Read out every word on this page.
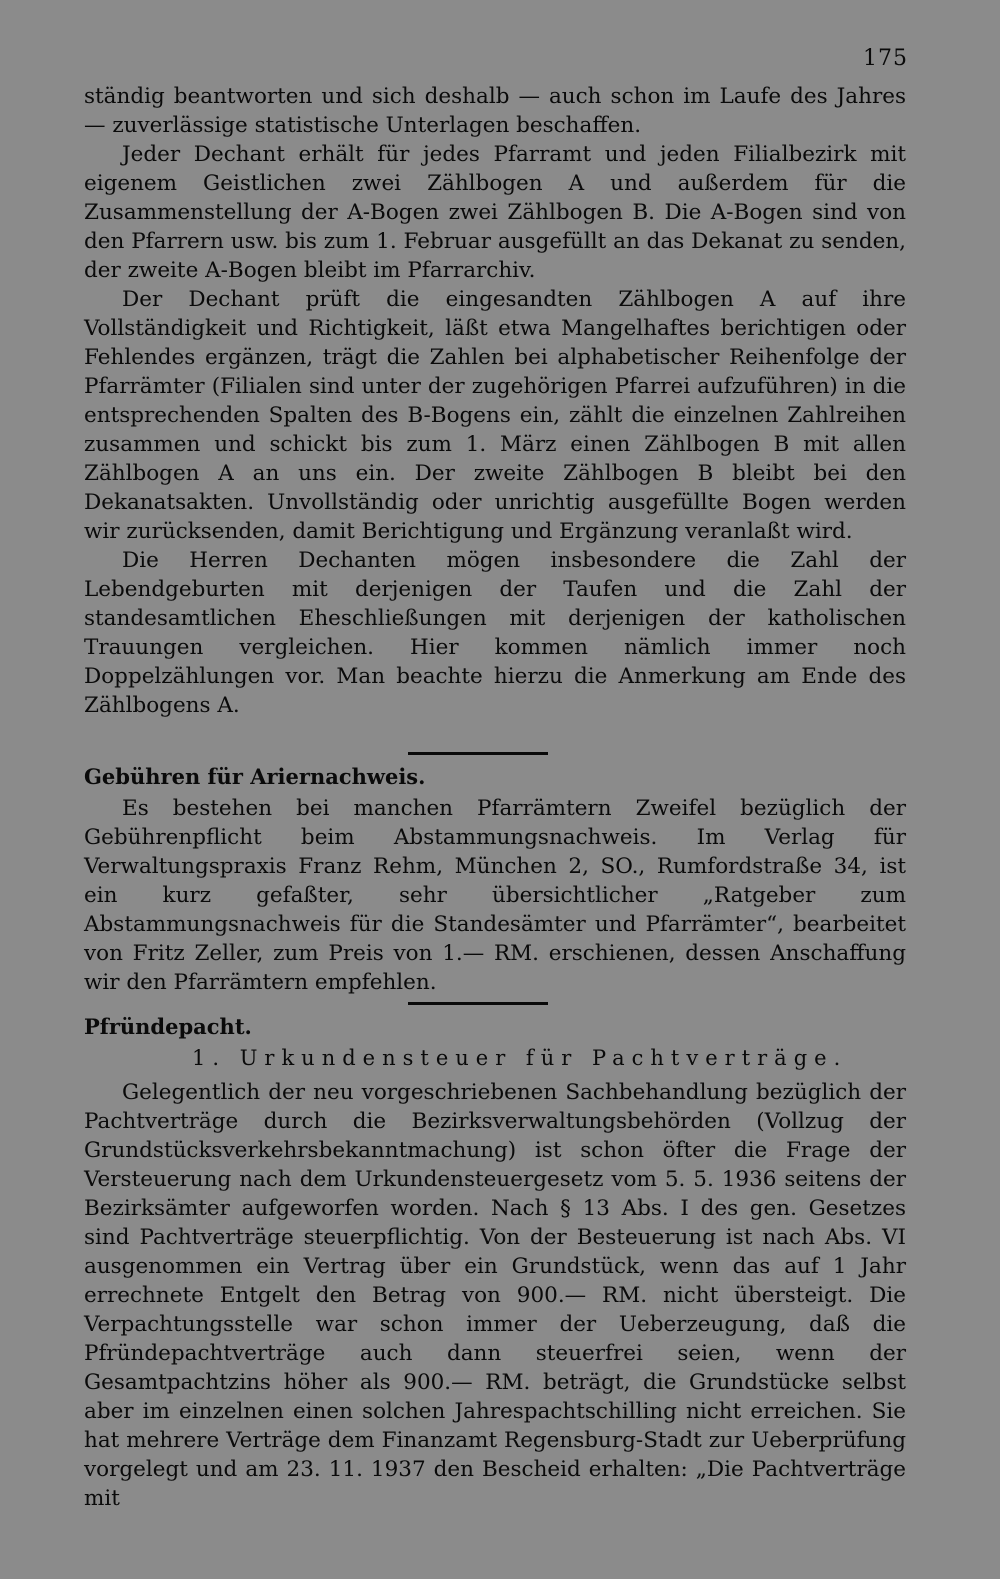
175

ständig beantworten und sich deshalb — auch schon im Laufe des Jahres — zuverlässige statistische Unterlagen beschaffen.

Jeder Dechant erhält für jedes Pfarramt und jeden Filialbezirk mit eigenem Geistlichen zwei Zählbogen A und außerdem für die Zusammenstellung der A-Bogen zwei Zählbogen B. Die A-Bogen sind von den Pfarrern usw. bis zum 1. Februar ausgefüllt an das Dekanat zu senden, der zweite A-Bogen bleibt im Pfarrarchiv.

Der Dechant prüft die eingesandten Zählbogen A auf ihre Vollständigkeit und Richtigkeit, läßt etwa Mangelhaftes berichtigen oder Fehlendes ergänzen, trägt die Zahlen bei alphabetischer Reihenfolge der Pfarrämter (Filialen sind unter der zugehörigen Pfarrei aufzuführen) in die entsprechenden Spalten des B-Bogens ein, zählt die einzelnen Zahlreihen zusammen und schickt bis zum 1. März einen Zählbogen B mit allen Zählbogen A an uns ein. Der zweite Zählbogen B bleibt bei den Dekanatsakten. Unvollständig oder unrichtig ausgefüllte Bogen werden wir zurücksenden, damit Berichtigung und Ergänzung veranlaßt wird.

Die Herren Dechanten mögen insbesondere die Zahl der Lebendgeburten mit derjenigen der Taufen und die Zahl der standesamtlichen Eheschließungen mit derjenigen der katholischen Trauungen vergleichen. Hier kommen nämlich immer noch Doppelzählungen vor. Man beachte hierzu die Anmerkung am Ende des Zählbogens A.

Gebühren für Ariernachweis.

Es bestehen bei manchen Pfarrämtern Zweifel bezüglich der Gebührenpflicht beim Abstammungsnachweis. Im Verlag für Verwaltungspraxis Franz Rehm, München 2, SO., Rumfordstraße 34, ist ein kurz gefaßter, sehr übersichtlicher „Ratgeber zum Abstammungsnachweis für die Standesämter und Pfarrämter“, bearbeitet von Fritz Zeller, zum Preis von 1.— RM. erschienen, dessen Anschaffung wir den Pfarrämtern empfehlen.

Pfründepacht.
1. Urkundensteuer für Pachtverträge.

Gelegentlich der neu vorgeschriebenen Sachbehandlung bezüglich der Pachtverträge durch die Bezirksverwaltungsbehörden (Vollzug der Grundstücksverkehrsbekanntmachung) ist schon öfter die Frage der Versteuerung nach dem Urkundensteuergesetz vom 5. 5. 1936 seitens der Bezirksämter aufgeworfen worden. Nach § 13 Abs. I des gen. Gesetzes sind Pachtverträge steuerpflichtig. Von der Besteuerung ist nach Abs. VI ausgenommen ein Vertrag über ein Grundstück, wenn das auf 1 Jahr errechnete Entgelt den Betrag von 900.— RM. nicht übersteigt. Die Verpachtungsstelle war schon immer der Ueberzeugung, daß die Pfründepachtverträge auch dann steuerfrei seien, wenn der Gesamtpachtzins höher als 900.— RM. beträgt, die Grundstücke selbst aber im einzelnen einen solchen Jahrespachtschilling nicht erreichen. Sie hat mehrere Verträge dem Finanzamt Regensburg-Stadt zur Ueberprüfung vorgelegt und am 23. 11. 1937 den Bescheid erhalten: „Die Pachtverträge mit
